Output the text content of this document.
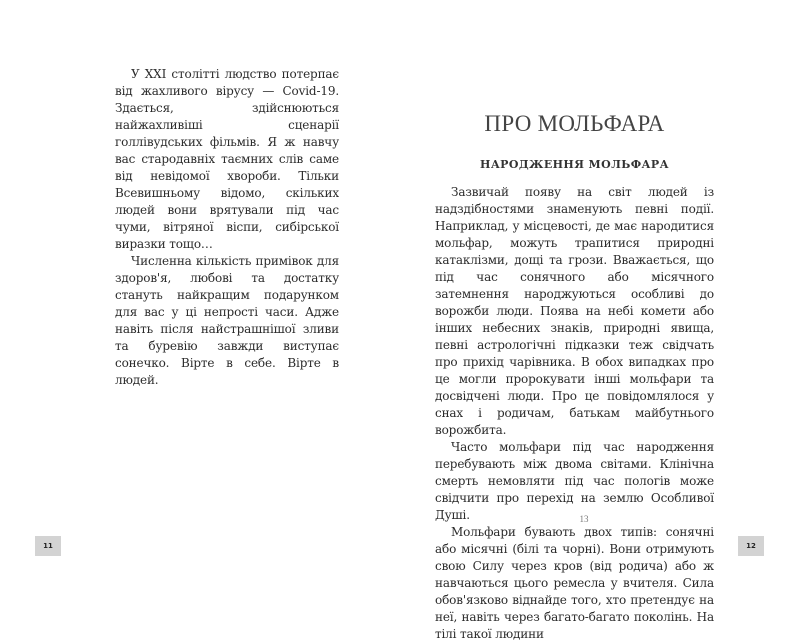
У XXI столітті людство потерпає від жахливого вірусу — Covid-19. Здається, здійснюються найжахливіші сценарії голлівудських фільмів. Я ж навчу вас стародавніх таємних слів саме від невідомої хвороби. Тільки Всевишньому відомо, скільких людей вони врятували під час чуми, вітряної віспи, сибірської виразки тощо…

Численна кількість примівок для здоров'я, любові та достатку стануть найкращим подарунком для вас у ці непрості часи. Адже навіть після найстрашнішої зливи та буревію завжди виступає сонечко. Вірте в себе. Вірте в людей.

11
ПРО МОЛЬФАРА
НАРОДЖЕННЯ МОЛЬФАРА

Зазвичай появу на світ людей із надздібностями знаменують певні події. Наприклад, у місцевості, де має народитися мольфар, можуть трапитися природні катаклізми, дощі та грози. Вважається, що під час сонячного або місячного затемнення народжуються особливі до ворожби люди. Поява на небі комети або інших небесних знаків, природні явища, певні астрологічні підказки теж свідчать про прихід чарівника. В обох випадках про це могли пророкувати інші мольфари та досвідчені люди. Про це повідомлялося у снах і родичам, батькам майбутнього ворожбита.

Часто мольфари під час народження перебувають між двома світами. Клінічна смерть немовляти під час пологів може свідчити про перехід на землю Особливої Душі.

Мольфари бувають двох типів: сонячні або місячні (білі та чорні). Вони отримують свою Силу через кров (від родича) або ж навчаються цього ремесла у вчителя. Сила обов'язково віднайде того, хто претендує на неї, навіть через багато-багато поколінь. На тілі такої людини

13
12
